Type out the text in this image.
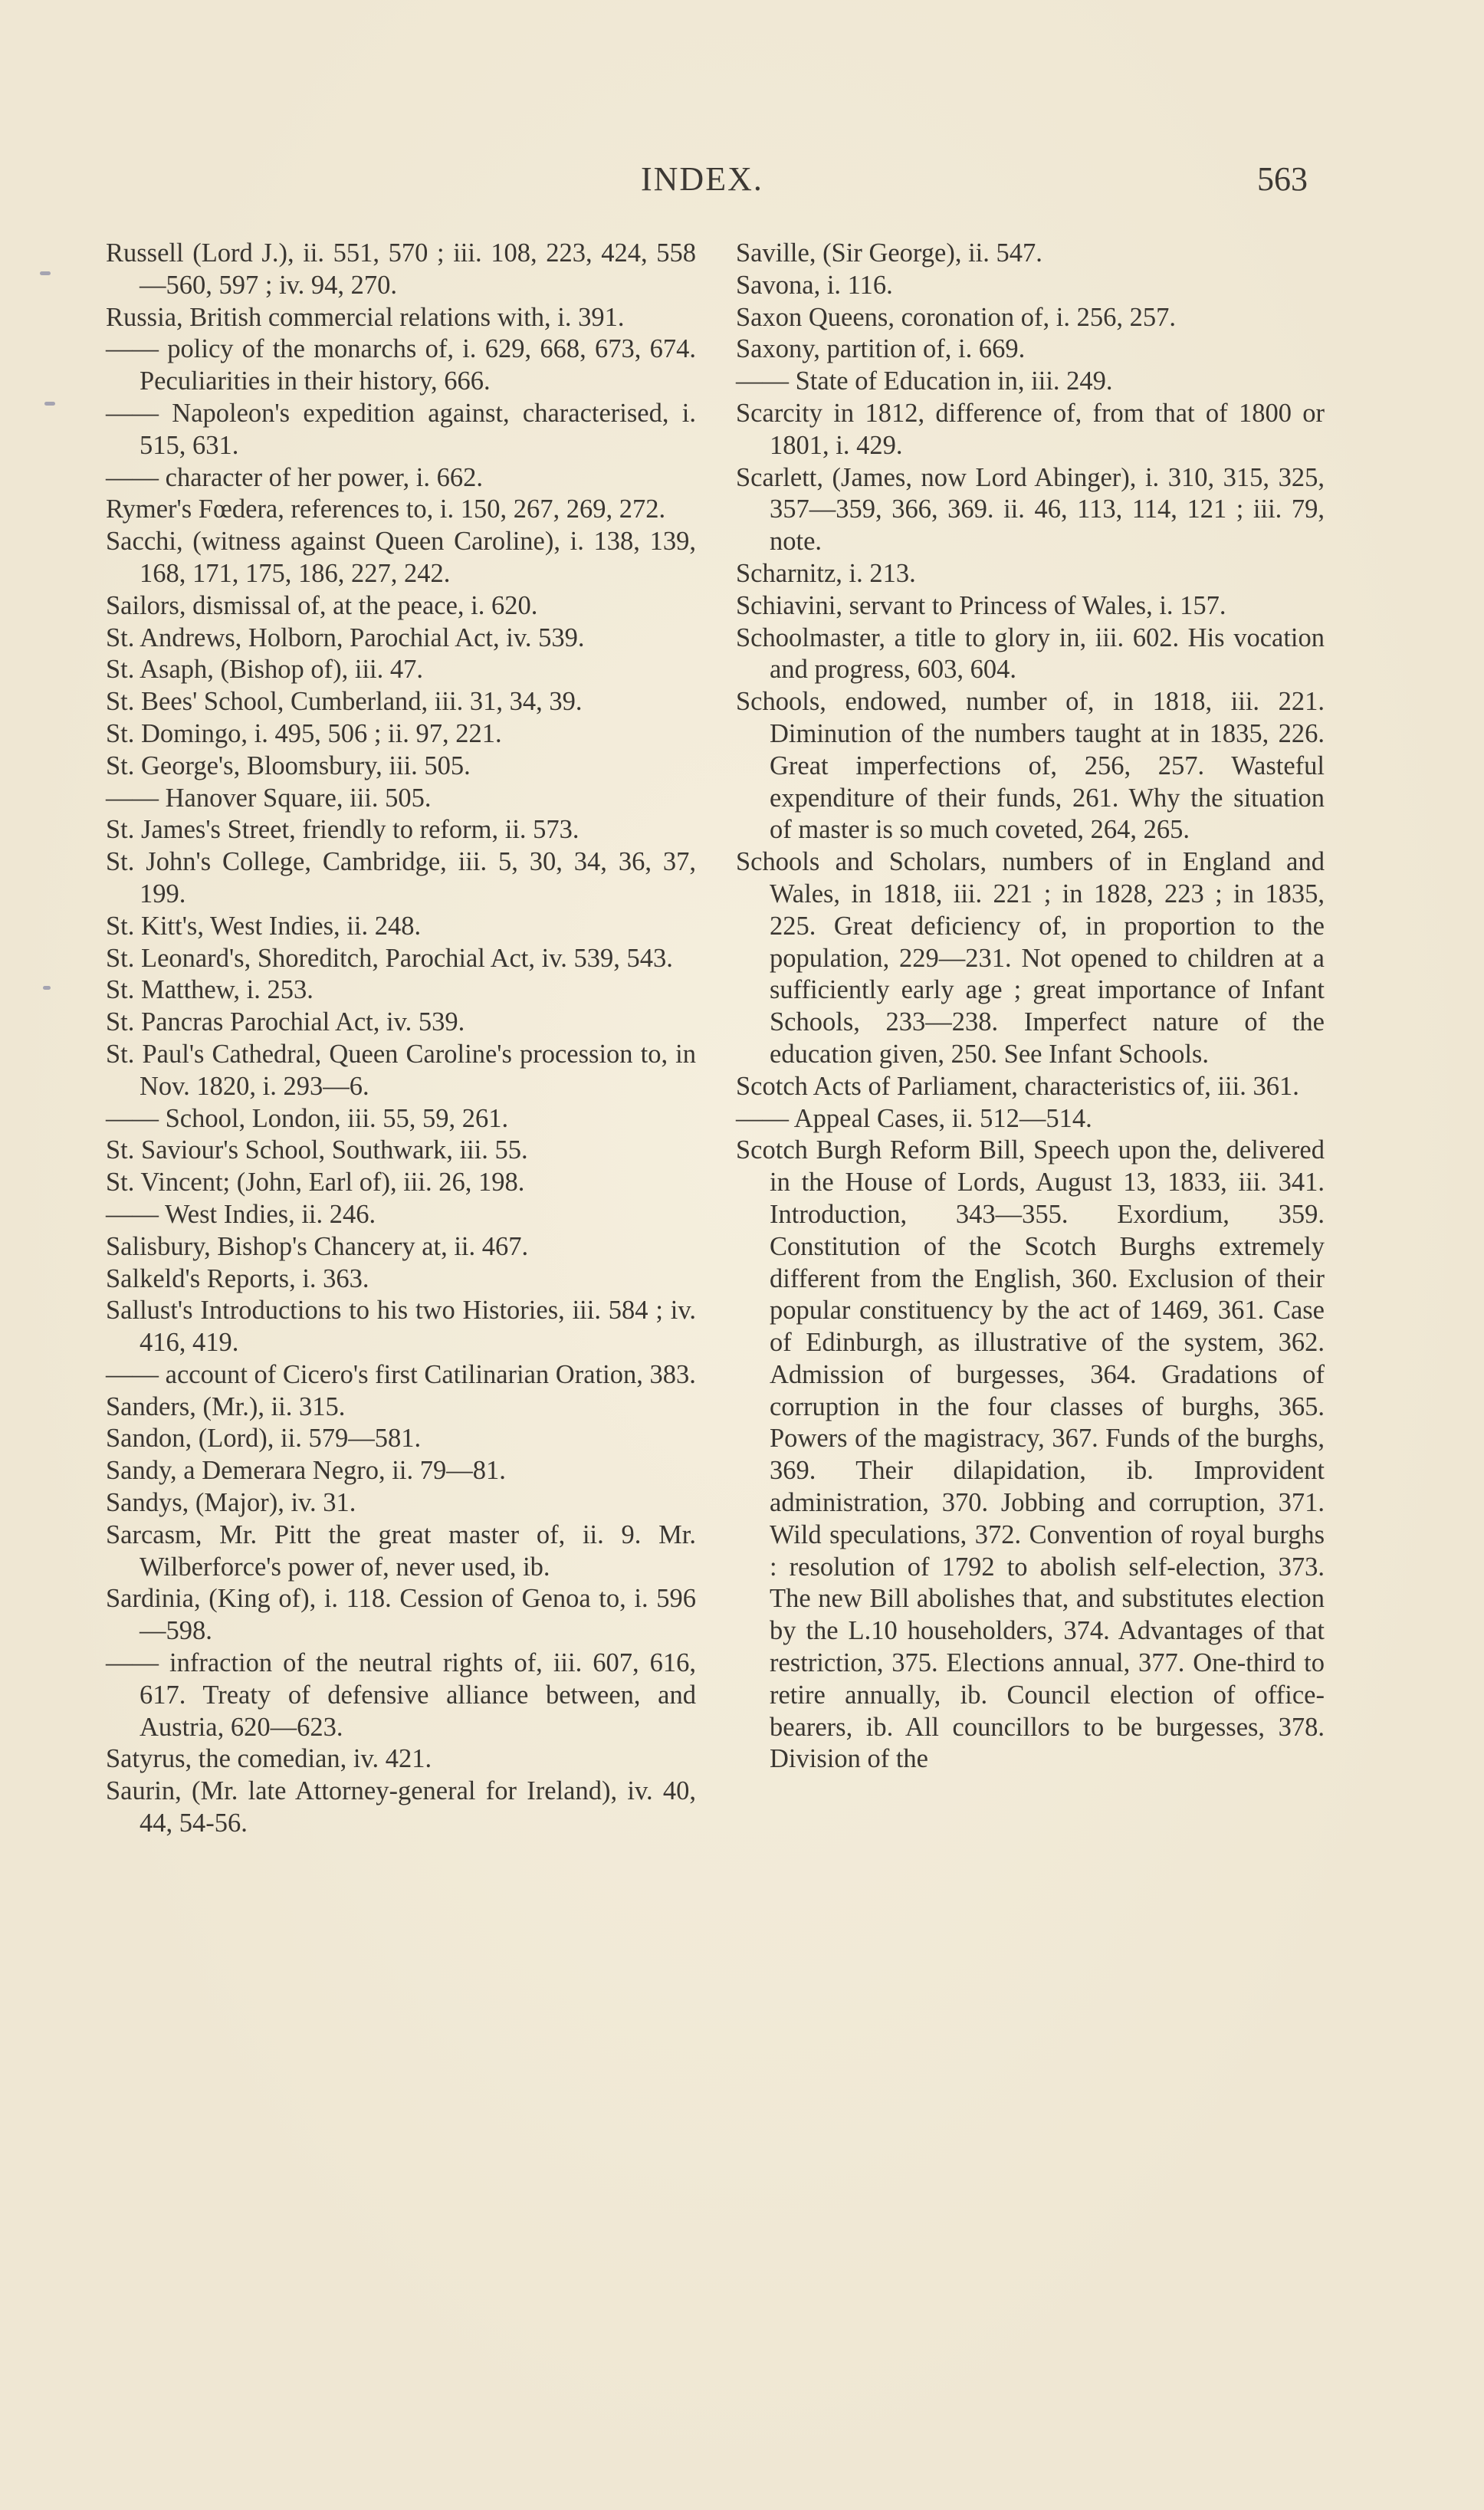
INDEX.	563

Russell (Lord J.), ii. 551, 570 ; iii. 108, 223, 424, 558—560, 597 ; iv. 94, 270.

Russia, British commercial relations with, i. 391.

—— policy of the monarchs of, i. 629, 668, 673, 674. Peculiarities in their history, 666.

—— Napoleon's expedition against, characterised, i. 515, 631.

—— character of her power, i. 662.

Rymer's Fœdera, references to, i. 150, 267, 269, 272.

Sacchi, (witness against Queen Caroline), i. 138, 139, 168, 171, 175, 186, 227, 242.

Sailors, dismissal of, at the peace, i. 620.

St. Andrews, Holborn, Parochial Act, iv. 539.

St. Asaph, (Bishop of), iii. 47.

St. Bees' School, Cumberland, iii. 31, 34, 39.

St. Domingo, i. 495, 506 ; ii. 97, 221.

St. George's, Bloomsbury, iii. 505.

—— Hanover Square, iii. 505.

St. James's Street, friendly to reform, ii. 573.

St. John's College, Cambridge, iii. 5, 30, 34, 36, 37, 199.

St. Kitt's, West Indies, ii. 248.

St. Leonard's, Shoreditch, Parochial Act, iv. 539, 543.

St. Matthew, i. 253.

St. Pancras Parochial Act, iv. 539.

St. Paul's Cathedral, Queen Caroline's procession to, in Nov. 1820, i. 293—6.

—— School, London, iii. 55, 59, 261.

St. Saviour's School, Southwark, iii. 55.

St. Vincent; (John, Earl of), iii. 26, 198.

—— West Indies, ii. 246.

Salisbury, Bishop's Chancery at, ii. 467.

Salkeld's Reports, i. 363.

Sallust's Introductions to his two Histories, iii. 584 ; iv. 416, 419.

—— account of Cicero's first Catilinarian Oration, 383.

Sanders, (Mr.), ii. 315.

Sandon, (Lord), ii. 579—581.

Sandy, a Demerara Negro, ii. 79—81.

Sandys, (Major), iv. 31.

Sarcasm, Mr. Pitt the great master of, ii. 9. Mr. Wilberforce's power of, never used, ib.

Sardinia, (King of), i. 118. Cession of Genoa to, i. 596—598.

—— infraction of the neutral rights of, iii. 607, 616, 617. Treaty of defensive alliance between, and Austria, 620—623.

Satyrus, the comedian, iv. 421.

Saurin, (Mr. late Attorney-general for Ireland), iv. 40, 44, 54-56.

Saville, (Sir George), ii. 547.

Savona, i. 116.

Saxon Queens, coronation of, i. 256, 257.

Saxony, partition of, i. 669.

—— State of Education in, iii. 249.

Scarcity in 1812, difference of, from that of 1800 or 1801, i. 429.

Scarlett, (James, now Lord Abinger), i. 310, 315, 325, 357—359, 366, 369. ii. 46, 113, 114, 121 ; iii. 79, note.

Scharnitz, i. 213.

Schiavini, servant to Princess of Wales, i. 157.

Schoolmaster, a title to glory in, iii. 602. His vocation and progress, 603, 604.

Schools, endowed, number of, in 1818, iii. 221. Diminution of the numbers taught at in 1835, 226. Great imperfections of, 256, 257. Wasteful expenditure of their funds, 261. Why the situation of master is so much coveted, 264, 265.

Schools and Scholars, numbers of in England and Wales, in 1818, iii. 221 ; in 1828, 223 ; in 1835, 225. Great deficiency of, in proportion to the population, 229—231. Not opened to children at a sufficiently early age ; great importance of Infant Schools, 233—238. Imperfect nature of the education given, 250. See Infant Schools.

Scotch Acts of Parliament, characteristics of, iii. 361.

—— Appeal Cases, ii. 512—514.

Scotch Burgh Reform Bill, Speech upon the, delivered in the House of Lords, August 13, 1833, iii. 341. Introduction, 343—355. Exordium, 359. Constitution of the Scotch Burghs extremely different from the English, 360. Exclusion of their popular constituency by the act of 1469, 361. Case of Edinburgh, as illustrative of the system, 362. Admission of burgesses, 364. Gradations of corruption in the four classes of burghs, 365. Powers of the magistracy, 367. Funds of the burghs, 369. Their dilapidation, ib. Improvident administration, 370. Jobbing and corruption, 371. Wild speculations, 372. Convention of royal burghs : resolution of 1792 to abolish self-election, 373. The new Bill abolishes that, and substitutes election by the L.10 householders, 374. Advantages of that restriction, 375. Elections annual, 377. One-third to retire annually, ib. Council election of office-bearers, ib. All councillors to be burgesses, 378. Division of the
